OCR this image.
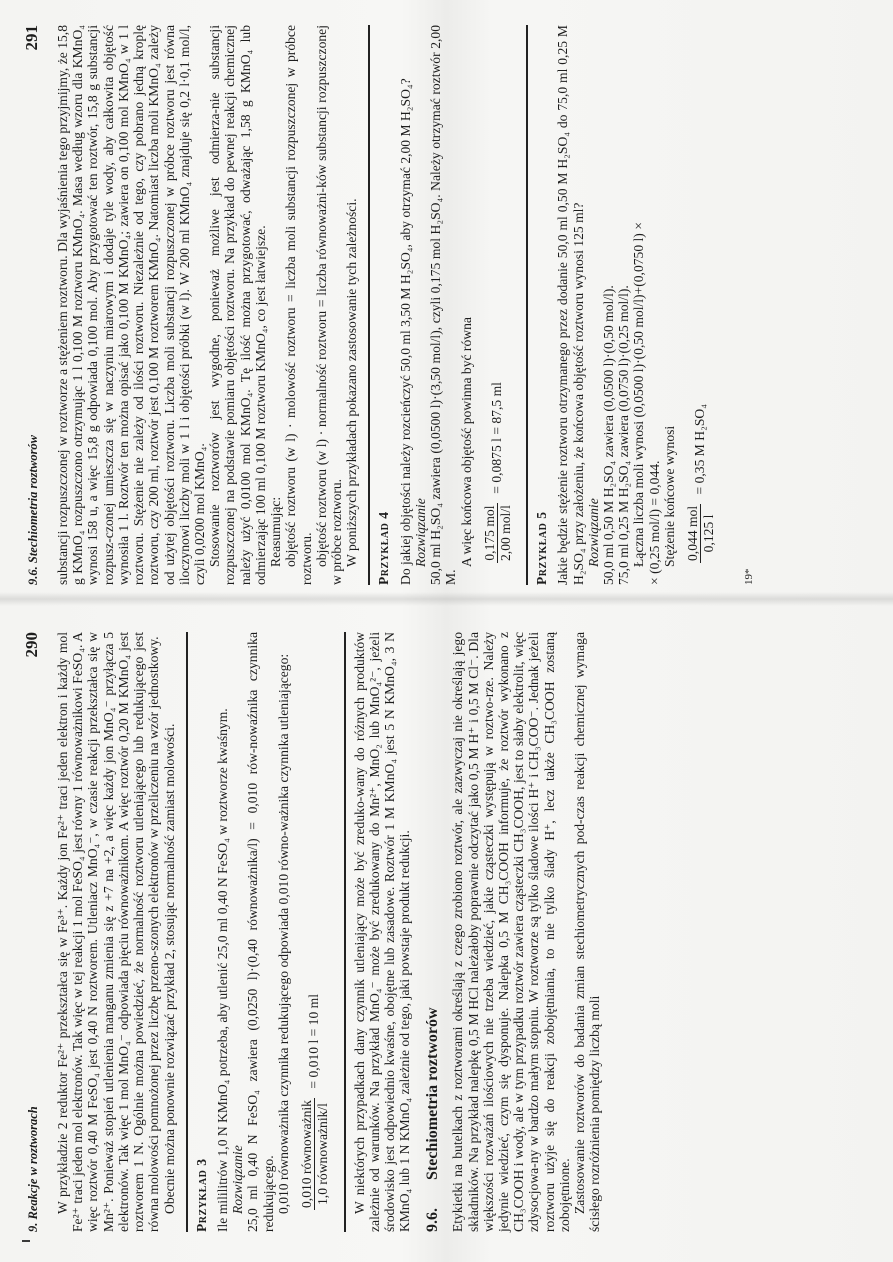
9.6. Stechiometria roztworów
291 substancji rozpuszczonej w roztworze a stężeniem roztworu. Dla wyjaśnienia tego przyjmijmy, że 15,8 g KMnO₄ rozpuszczono otrzymując 1 l 0,100 M roztworu KMnO₄. Masa według wzoru dla KMnO₄ wynosi 158 u, a więc 15,8 g odpowiada 0,100 mol. Aby przygotować ten roztwór, 15,8 g substancji rozpusz-czonej umieszcza się w naczyniu miarowym i dodaje tyle wody, aby całkowita objętość wynosiła 1 l. Roztwór ten można opisać jako 0,100 M KMnO₄; zawiera on 0,100 mol KMnO₄ w 1 l roztworu. Stężenie nie zależy od ilości roztworu. Niezależnie od tego, czy pobrano jedną kroplę roztworu, czy 200 ml, roztwór jest 0,100 M roztworem KMnO₄. Natomiast liczba moli KMnO₄ zależy od użytej objętości roztworu. Liczba moli substancji rozpuszczonej w próbce roztworu jest równa iloczynowi liczby moli w 1 l i objętości próbki (w l). W 200 ml KMnO₄ znajduje się 0,2 l·0,1 mol/l, czyli 0,0200 mol KMnO₄. Stosowanie roztworów jest wygodne, ponieważ możliwe jest odmierza-nie substancji rozpuszczonej na podstawie pomiaru objętości roztworu. Na przykład do pewnej reakcji chemicznej należy użyć 0,0100 mol KMnO₄. Tę ilość można przygotować, odważając 1,58 g KMnO₄ lub odmierzając 100 ml 0,100 M roztworu KMnO₄, co jest łatwiejsze. Reasumując: objętość roztworu (w l) · molowość roztworu = liczba moli substancji rozpuszczonej w próbce roztworu. objętość roztworu (w l) · normalność roztworu = liczba równoważni-ków substancji rozpuszczonej w próbce roztworu. W poniższych przykładach pokazano zastosowanie tych zależności. Przykład 4 Do jakiej objętości należy rozcieńczyć 50,0 ml 3,50 M H₂SO₄, aby otrzymać 2,00 M H₂SO₄? Rozwiązanie 50,0 ml H₂SO₄ zawiera (0,0500 l)·(3,50 mol/l), czyli 0,175 mol H₂SO₄. Należy otrzymać roztwór 2,00 M.

A więc końcowa objętość powinna być równa 0,175 mol 2,00 mol/l
= 0,0875 l = 87,5 ml

Przykład 5 Jakie będzie stężenie roztworu otrzymanego przez dodanie 50,0 ml 0,50 M H₂SO₄ do 75,0 ml 0,25 M H₂SO₄ przy założeniu, że końcowa objętość roztworu wynosi 125 ml? Rozwiązanie 50,0 ml 0,50 M H₂SO₄ zawiera (0,0500 l)·(0,50 mol/l). 75,0 ml 0,25 M H₂SO₄ zawiera (0,0750 l)·(0,25 mol/l). Łączna liczba moli wynosi (0,0500 l)·(0,50 mol/l)+(0,0750 l) × × (0,25 mol/l) = 0,044. Stężenie końcowe wynosi 0,044 mol 0,125 l
= 0,35 M H₂SO₄

19*

9. Reakcje w roztworach
290 W przykładzie 2 reduktor Fe²⁺ przekształca się w Fe³⁺. Każdy jon Fe²⁺ traci jeden elektron i każdy mol Fe²⁺ traci jeden mol elektronów. Tak więc w tej reakcji 1 mol FeSO₄ jest równy 1 równoważnikowi FeSO₄. A więc roztwór 0,40 M FeSO₄ jest 0,40 N roztworem. Utleniacz MnO₄⁻, w czasie reakcji przekształca się w Mn²⁺. Ponieważ stopień utlenienia manganu zmienia się z +7 na +2, a więc każdy jon MnO₄⁻ przyłącza 5 elektronów. Tak więc 1 mol MnO₄⁻ odpowiada pięciu równoważnikom. A więc roztwór 0,20 M KMnO₄ jest roztworem 1 N. Ogólnie można powiedzieć, że normalność roztworu utleniającego lub redukującego jest równa molowości pomnożonej przez liczbę przeno-szonych elektronów w przeliczeniu na wzór jednostkowy. Obecnie można ponownie rozwiązać przykład 2, stosując normalność zamiast molowości. Przykład 3 Ile mililitrów 1,0 N KMnO₄ potrzeba, aby utlenić 25,0 ml 0,40 N FeSO₄ w roztworze kwaśnym. Rozwiązanie 25,0 ml 0,40 N FeSO₄ zawiera (0,0250 l)·(0,40 równoważnika/l) = 0,010 rów-nowaźnika czynnika redukującego. 0,010 równoważnika czynnika redukującego odpowiada 0,010 równo-ważnika czynnika utleniającego: 0,010 równoważnik 1,0 równoważnik/l
= 0,010 l = 10 ml	W niektórych przypadkach dany czynnik utleniający może być zreduko-wany do różnych produktów zależnie od warunków. Na przykład MnO₄⁻ może być zredukowany do Mn²⁺, MnO₂ lub MnO₄²⁻, jeżeli środowisko jest odpowiednio kwaśne, obojętne lub zasadowe. Roztwór 1 M KMnO₄ jest 5 N KMnO₄, 3 N KMnO₄ lub 1 N KMnO₄ zależnie od tego, jaki powstaje produkt redukcji. 9.6.Stechiometria roztworów Etykietki na butelkach z roztworami określają z czego zrobiono roztwór, ale zazwyczaj nie określają jego składników. Na przykład nalepkę 0,5 M HCl należałoby poprawnie odczytać jako 0,5 M H⁺ i 0,5 M Cl⁻. Dla większości rozważań ilościowych nie trzeba wiedzieć, jakie cząsteczki występują w roztwo-rze. Należy jedynie wiedzieć, czym się dysponuje. Nalepka 0,5 M CH₃COOH informuje, że roztwór wykonano z CH₃COOH i wody, ale w tym przypadku roztwór zawiera cząsteczki CH₃COOH, jest to słaby elektrolit, więc zdysocjowa-ny w bardzo małym stopniu. W roztworze są tylko śladowe ilości H⁺ i CH₃COO⁻. Jednak jeżeli roztworu użyje się do reakcji zobojętniania, to nie tylko ślady H⁺, lecz także CH₃COOH zostaną zobojętnione. Zastosowanie roztworów do badania zmian stechiometrycznych pod-czas reakcji chemicznej wymaga ścisłego rozróżnienia pomiędzy liczbą moli
